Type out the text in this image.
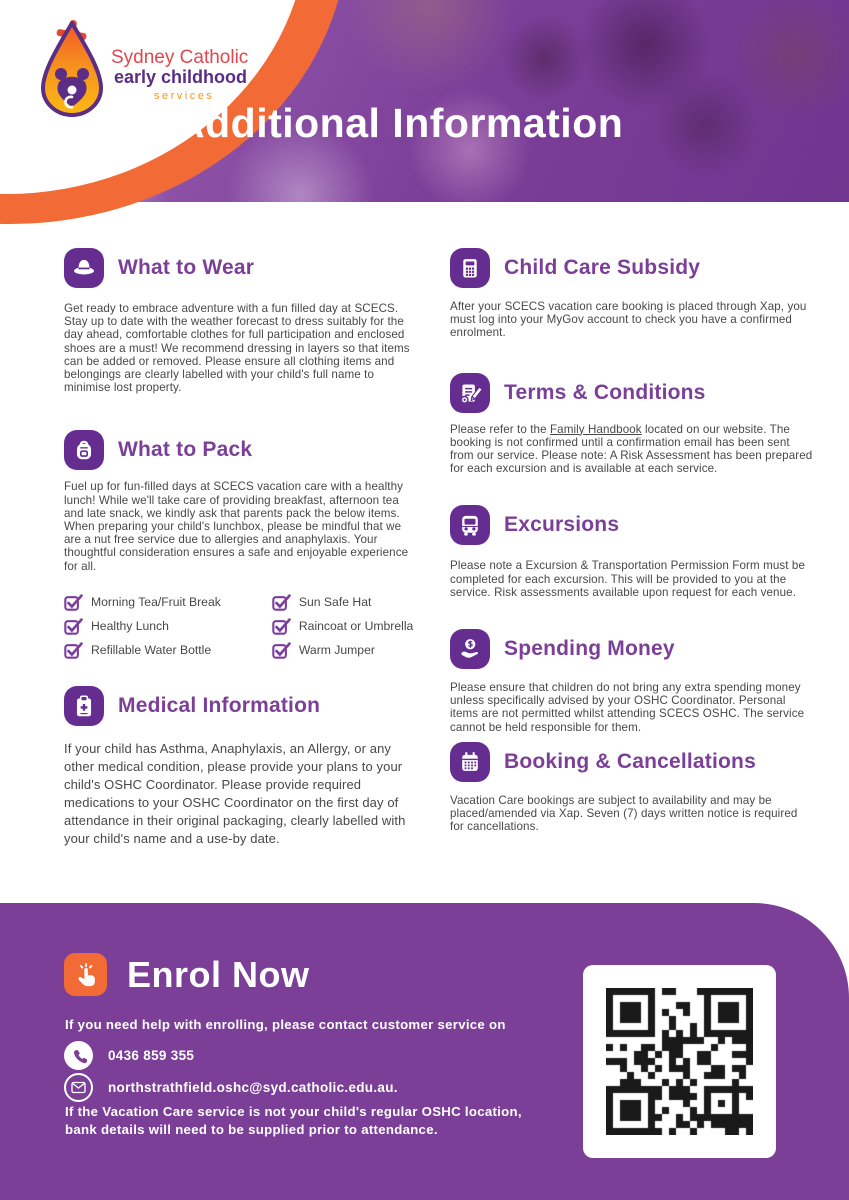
Sydney Catholic
early childhood
services
Additional Information
What to Wear
Get ready to embrace adventure with a fun filled day at SCECS. Stay up to date with the weather forecast to dress suitably for the day ahead, comfortable clothes for full participation and enclosed shoes are a must! We recommend dressing in layers so that items can be added or removed. Please ensure all clothing items and belongings are clearly labelled with your child's full name to minimise lost property.
What to Pack
Fuel up for fun-filled days at SCECS vacation care with a healthy lunch! While we'll take care of providing breakfast, afternoon tea and late snack, we kindly ask that parents pack the below items. When preparing your child's lunchbox, please be mindful that we are a nut free service due to allergies and anaphylaxis. Your thoughtful consideration ensures a safe and enjoyable experience for all.
Morning Tea/Fruit Break
Healthy Lunch
Refillable Water Bottle
Sun Safe Hat
Raincoat or Umbrella
Warm Jumper
Medical Information
If your child has Asthma, Anaphylaxis, an Allergy, or any other medical condition, please provide your plans to your child's OSHC Coordinator. Please provide required medications to your OSHC Coordinator on the first day of attendance in their original packaging, clearly labelled with your child's name and a use-by date.
Child Care Subsidy
After your SCECS vacation care booking is placed through Xap, you must log into your MyGov account to check you have a confirmed enrolment.
Terms & Conditions
Please refer to the Family Handbook located on our website. The booking is not confirmed until a confirmation email has been sent from our service. Please note: A Risk Assessment has been prepared for each excursion and is available at each service.
Excursions
Please note a Excursion & Transportation Permission Form must be completed for each excursion. This will be provided to you at the service. Risk assessments available upon request for each venue.
Spending Money
Please ensure that children do not bring any extra spending money unless specifically advised by your OSHC Coordinator. Personal items are not permitted whilst attending SCECS OSHC. The service cannot be held responsible for them.
Booking & Cancellations
Vacation Care bookings are subject to availability and may be placed/amended via Xap. Seven (7) days written notice is required for cancellations.
Enrol Now
If you need help with enrolling, please contact customer service on
0436 859 355
northstrathfield.oshc@syd.catholic.edu.au.
If the Vacation Care service is not your child's regular OSHC location, bank details will need to be supplied prior to attendance.
